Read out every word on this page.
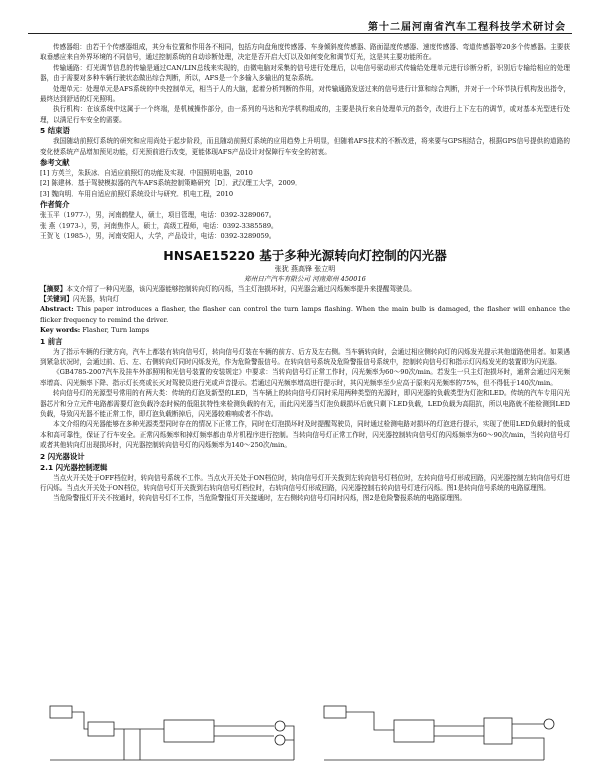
第十二届河南省汽车工程科技学术研讨会

传感器组：由若干个传感器组成，其分布位置和作用各不相同，包括方向盘角度传感器、车身倾斜度传感器、路面湿度传感器、速度传感器、弯道传感器等20多个传感器。主要获取垂感应来自外界环境的不同信号，通过控制系统的自动诊断处理，决定是否开启大灯以及如何变化和调节灯光，这是其主要功能所在。

传输通路：灯光调节信息的传输是通过CAN/LIN总线来实现的，由微电脑对采集的信号进行处理后，以电信号驱动形式传输给处理单元进行诊断分析，识别后专输给相应的处理器，由于需要对多种车辆行驶状态做出综合判断，所以，AFS是一个多输入多输出的复杂系统。

处理单元：处理单元是AFS系统的中央控制单元，相当于人的大脑，起着分析判断的作用，对传输通路发送过来的信号进行计算和综合判断，并对于一个环节执行机构发出指令，最终达到舒适的灯光照明。

执行机构：在该系统中这属于一个终端，是机械操作部分，由一系列的马达和光学机构组成的，主要是执行来自处理单元的指令，改进行上下左右的调节，或对基本光型进行处理，以满足行车安全的需要。

5 结束语

我国随动前照灯系统的研究和应用尚处于起步阶段，而且随动前照灯系统的应用趋势上升明显，但随着AFS技术的不断改进，将来要与GPS相结合，根据GPS信号提供的道路的变化使系统产品增加预见功能，灯光预前进行改变，更能体现AFS产品设计对保障行车安全的初衷。

参考文献

[1] 方英兰，朱跃冰．自适应前照灯的功能及实现．中国照明电器，2010

[2] 陈建林．基于驾驶模拟器的汽车AFS系统控制策略研究［D］．武汉理工大学，2009．

[3] 魏向明．车用自适应前照灯系统设计与研究．机电工程，2010

作者简介

张玉平（1977-），男，河南鹤壁人，硕士，项目管理，电话：0392-3289067。

张 燕（1973-），男，河南焦作人，硕士，高级工程师，电话：0392-3385589。

王贺飞（1985-），男，河南安阳人，大学，产品设计，电话：0392-3289059。

HNSAE15220 基于多种光源转向灯控制的闪光器
张犹 燕高锋 张立明
郑州日产汽车有限公司 河南郑州 450016

【摘要】本文介绍了一种闪光器，该闪光器能够控制转向灯的闪烁，当主灯泡损坏时，闪光器会通过闪烁频率提升来提醒驾驶员。

【关键词】闪光器，转向灯

Abstract: This paper introduces a flasher, the flasher can control the turn lamps flashing. When the main bulb is damaged, the flasher will enhance the flicker frequency to remind the driver.

Key words: Flasher, Turn lamps

1 前言

为了指示车辆的行驶方向，汽车上都装有转向信号灯，转向信号灯装在车辆的前方、后方及左右侧。当车辆转向时，会通过相应侧转向灯的闪烁发光提示其他道路使用者。如果遇到紧急状况时，会通过前、后、左、右侧转向灯同时闪烁发光，作为危险警报信号。在转向信号系统及危险警报信号系统中，控制转向信号灯和指示灯闪烁发光的装置即为闪光器。

《GB4785-2007汽车及挂车外部照明和光信号装置的安装规定》中要求：当转向信号灯正常工作时，闪光频率为60～90次/min。若发生一只主灯泡损坏时，通常会通过闪光频率增高、闪光频率下降、指示灯长亮或长灭对驾驶员进行光或声音提示。若通过闪光频率增高进行提示时，其闪光频率至少应高于原来闪光频率的75%，但不得低于140次/min。

转向信号灯的光源型号常用的有两大类：传统的灯泡及新型的LED，当车辆上的转向信号灯同时采用两种类型的光源时，即闪光器的负载类型为灯泡和LED。传统的汽车专用闪光器芯片和分立元件电路都需要灯泡负载冷态时候的低阻抗特性来检测负载的有无，而此闪光器当灯泡负载损坏后就只剩下LED负载，LED负载为高阻抗，所以电路就不能检测到LED负载，导致闪光器不能正常工作，即灯泡负载断掉后，闪光器较难响或者不作动。

本文介绍的闪光器能够在多种光源类型同时存在的情况下正常工作，同时在灯泡损坏时及时提醒驾驶员，同时通过检测电路对损坏的灯泡进行提示，实现了使用LED负载时的低成本和高可靠性，保证了行车安全。正常闪烁频率和掉灯频率都由单片机程序进行控制。当转向信号灯正常工作时，闪光器控制转向信号灯的闪烁频率为60～90次/min，当转向信号灯或者其他转向灯出现损坏时，闪光器控制转向信号灯的闪烁频率为140～250次/min。

2 闪光器设计
2.1 闪光器控制逻辑

当点火开关处于OFF档位时，转向信号系统不工作。当点火开关处于ON档位时，转向信号灯开关拨到左转向信号灯档位时，左转向信号灯形成回路，闪光器控制左转向信号灯进行闪烁。当点火开关处于ON档位，转向信号灯开关拨到右转向信号灯档位时，右转向信号灯形成回路，闪光器控制右转向信号灯进行闪烁。图1是转向信号系统的电路原理图。

当危险警报灯开关不按通时，转向信号灯不工作，当危险警报灯开关接通时，左右侧转向信号灯同时闪烁，图2是危险警报系统的电路原理图。
